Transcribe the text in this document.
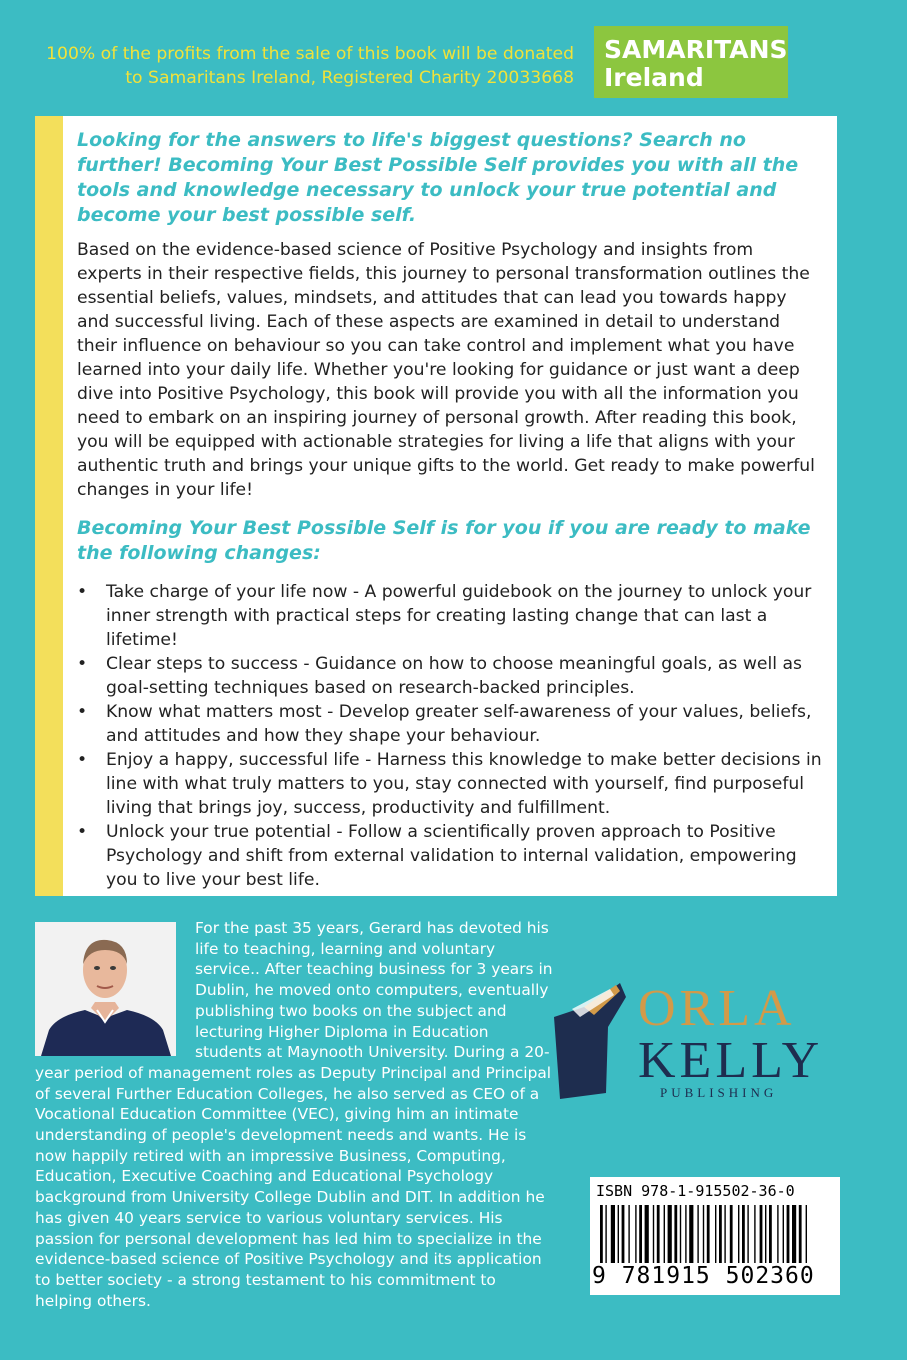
100% of the profits from the sale of this book will be donated
to Samaritans Ireland, Registered Charity 20033668
SAMARITANS
Ireland

Looking for the answers to life's biggest questions? Search no further! Becoming Your Best Possible Self provides you with all the tools and knowledge necessary to unlock your true potential and become your best possible self.

Based on the evidence-based science of Positive Psychology and insights from experts in their respective fields, this journey to personal transformation outlines the essential beliefs, values, mindsets, and attitudes that can lead you towards happy and successful living. Each of these aspects are examined in detail to understand their influence on behaviour so you can take control and implement what you have learned into your daily life. Whether you're looking for guidance or just want a deep dive into Positive Psychology, this book will provide you with all the information you need to embark on an inspiring journey of personal growth. After reading this book, you will be equipped with actionable strategies for living a life that aligns with your authentic truth and brings your unique gifts to the world. Get ready to make powerful changes in your life!

Becoming Your Best Possible Self is for you if you are ready to make the following changes:

• Take charge of your life now - A powerful guidebook on the journey to unlock your inner strength with practical steps for creating lasting change that can last a lifetime!
• Clear steps to success - Guidance on how to choose meaningful goals, as well as goal-setting techniques based on research-backed principles.
• Know what matters most - Develop greater self-awareness of your values, beliefs, and attitudes and how they shape your behaviour.
• Enjoy a happy, successful life - Harness this knowledge to make better decisions in line with what truly matters to you, stay connected with yourself, find purposeful living that brings joy, success, productivity and fulfillment.
• Unlock your true potential - Follow a scientifically proven approach to Positive Psychology and shift from external validation to internal validation, empowering you to live your best life.
For the past 35 years, Gerard has devoted his life to teaching, learning and voluntary service.. After teaching business for 3 years in Dublin, he moved onto computers, eventually publishing two books on the subject and lecturing Higher Diploma in Education students at Maynooth University. During a 20-year period of management roles as Deputy Principal and Principal of several Further Education Colleges, he also served as CEO of a Vocational Education Committee (VEC), giving him an intimate understanding of people's development needs and wants. He is now happily retired with an impressive Business, Computing, Education, Executive Coaching and Educational Psychology background from University College Dublin and DIT. In addition he has given 40 years service to various voluntary services. His passion for personal development has led him to specialize in the evidence-based science of Positive Psychology and its application to better society - a strong testament to his commitment to helping others.
ORLA
KELLY
PUBLISHING
ISBN 978-1-915502-36-0
9 781915 502360
